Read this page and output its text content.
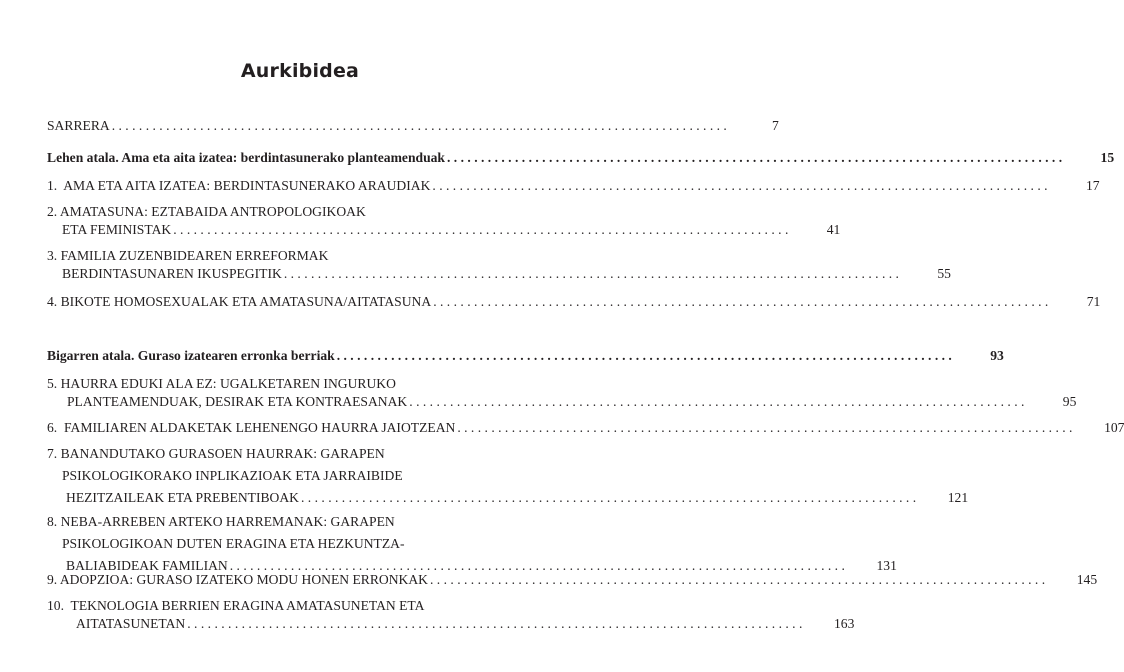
Aurkibidea
SARRERA . . . . . . . . . . . . . . . . . . . . . . . . . . . . . . . . . . . . . . . . . . . . . . . . . . . . . . . . . . . . . . . . . . . . . . . . . . . . . . . . . . . . . . . . . . .	7
Lehen atala. Ama eta aita izatea: berdintasunerako planteamenduak . . . . . . . . . . . . . . . . . . . . . . . . . . . . . . . . . . . . . . . . . . . . . . . . . . . . . . . . . . . . . . . . . . . . . . . . . . . . . . . . . . . . . . . . . . .	15
1.  AMA ETA AITA IZATEA: BERDINTASUNERAKO ARAUDIAK . . . . . . . . . . . . . . . . . . . . . . . . . . . . . . . . . . . . . . . . . . . . . . . . . . . . . . . . . . . . . . . . . . . . . . . . . . . . . . . . . . . . . . . . . . .	17
2. AMATASUNA: EZTABAIDA ANTROPOLOGIKOAK
ETA FEMINISTAK . . . . . . . . . . . . . . . . . . . . . . . . . . . . . . . . . . . . . . . . . . . . . . . . . . . . . . . . . . . . . . . . . . . . . . . . . . . . . . . . . . . . . . . . . . .	41
3. FAMILIA ZUZENBIDEAREN ERREFORMAK
BERDINTASUNAREN IKUSPEGITIK . . . . . . . . . . . . . . . . . . . . . . . . . . . . . . . . . . . . . . . . . . . . . . . . . . . . . . . . . . . . . . . . . . . . . . . . . . . . . . . . . . . . . . . . . . .	55
4. BIKOTE HOMOSEXUALAK ETA AMATASUNA/AITATASUNA . . . . . . . . . . . . . . . . . . . . . . . . . . . . . . . . . . . . . . . . . . . . . . . . . . . . . . . . . . . . . . . . . . . . . . . . . . . . . . . . . . . . . . . . . . .	71
Bigarren atala. Guraso izatearen erronka berriak . . . . . . . . . . . . . . . . . . . . . . . . . . . . . . . . . . . . . . . . . . . . . . . . . . . . . . . . . . . . . . . . . . . . . . . . . . . . . . . . . . . . . . . . . . .	93
5. HAURRA EDUKI ALA EZ: UGALKETAREN INGURUKO
PLANTEAMENDUAK, DESIRAK ETA KONTRAESANAK . . . . . . . . . . . . . . . . . . . . . . . . . . . . . . . . . . . . . . . . . . . . . . . . . . . . . . . . . . . . . . . . . . . . . . . . . . . . . . . . . . . . . . . . . . .	95
6.  FAMILIAREN ALDAKETAK LEHENENGO HAURRA JAIOTZEAN . . . . . . . . . . . . . . . . . . . . . . . . . . . . . . . . . . . . . . . . . . . . . . . . . . . . . . . . . . . . . . . . . . . . . . . . . . . . . . . . . . . . . . . . . . .	107
7. BANANDUTAKO GURASOEN HAURRAK: GARAPEN
PSIKOLOGIKORAKO INPLIKAZIOAK ETA JARRAIBIDE
HEZITZAILEAK ETA PREBENTIBOAK . . . . . . . . . . . . . . . . . . . . . . . . . . . . . . . . . . . . . . . . . . . . . . . . . . . . . . . . . . . . . . . . . . . . . . . . . . . . . . . . . . . . . . . . . . .	121
8. NEBA-ARREBEN ARTEKO HARREMANAK: GARAPEN
PSIKOLOGIKOAN DUTEN ERAGINA ETA HEZKUNTZA-
BALIABIDEAK FAMILIAN . . . . . . . . . . . . . . . . . . . . . . . . . . . . . . . . . . . . . . . . . . . . . . . . . . . . . . . . . . . . . . . . . . . . . . . . . . . . . . . . . . . . . . . . . . .	131
9. ADOPZIOA: GURASO IZATEKO MODU HONEN ERRONKAK . . . . . . . . . . . . . . . . . . . . . . . . . . . . . . . . . . . . . . . . . . . . . . . . . . . . . . . . . . . . . . . . . . . . . . . . . . . . . . . . . . . . . . . . . . .	145
10.  TEKNOLOGIA BERRIEN ERAGINA AMATASUNETAN ETA
AITATASUNETAN . . . . . . . . . . . . . . . . . . . . . . . . . . . . . . . . . . . . . . . . . . . . . . . . . . . . . . . . . . . . . . . . . . . . . . . . . . . . . . . . . . . . . . . . . . .	163
